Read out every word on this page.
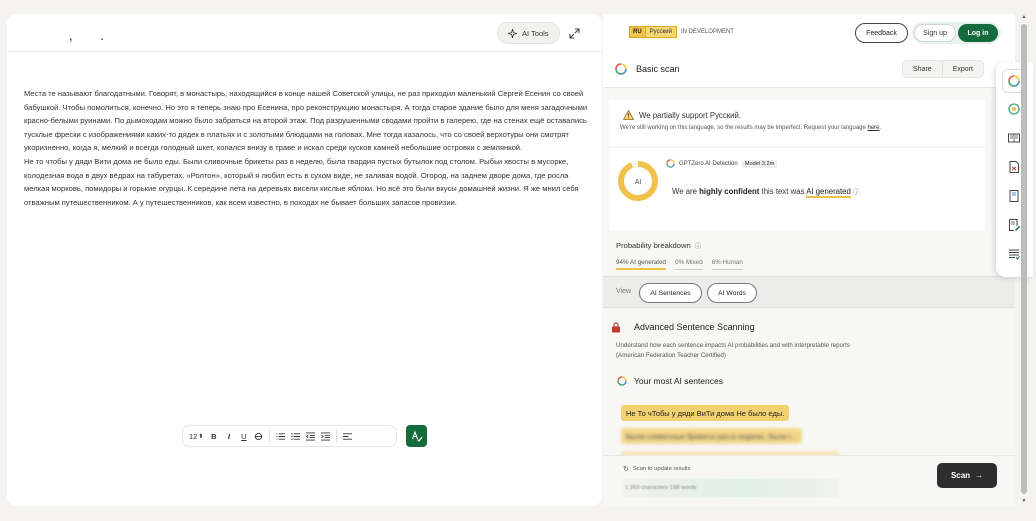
, .	AI Tools

Места те называют благодатными. Говорят, в монастырь, находящийся в конце нашей Советской улицы, не раз приходил маленький Сергей Есенин со своей бабушкой. Чтобы помолиться, конечно. Но это я теперь знаю про Есенина, про реконструкцию монастыря. А тогда старое здание было для меня загадочными красно-белыми руинами. По дымоходам можно было забраться на второй этаж. Под разрушенными сводами пройти в галерею, где на стенах ещё оставались тусклые фрески с изображениями каких-то дядек в платьях и с золотыми блюдцами на головах. Мне тогда казалось, что со своей верхотуры они смотрят укоризненно, когда я, мелкий и всегда голодный шкет, копался внизу в траве и искал среди кусков камней небольшие островки с землянкой.

Не то чтобы у дяди Вити дома не было еды. Были сливочные брикеты раз в неделю, была гвардия пустых бутылок под столом. Рыбьи хвосты в мусорке, колодезная вода в двух вёдрах на табуретах. «Ролтон», который я любил есть в сухом виде, не заливая водой. Огород, на заднем дворе дома, где росла мелкая морковь, помидоры и горькие огурцы. К середине лета на деревьях висели кислые яблоки. Но всё это были вкусы домашней жизни. Я же мнил себя отважным путешественником. А у путешественников, как всем известно, в походах не бывает больших запасов провизии.

12 ⬍ B	I	U
RU	Русский	IN DEVELOPMENT	Feedback	Sign up	Log in
Basic scan	Share	Export
We partially support Русский.
We're still working on this language, so the results may be imperfect. Request your language here.
AI
GPTZero AI Detection	Model 3.2m
We are highly confident this text was AI generated ⓘ
Probability breakdown ⓘ
94% AI generated 0% Mixed 6% Human
View	AI Sentences	AI Words
Advanced Sentence Scanning
Understand how each sentence impacts AI probabilities and with interpretable reports (American Federation Teacher Certified)
Your most AI sentences
Не То чТобы у дяди ВиТи дома Не было еды.
Были сливочные брикеты раз в неделю, была г...
↻ Scan to update results
1 269 characters 198 words
Scan →
▲
▼
